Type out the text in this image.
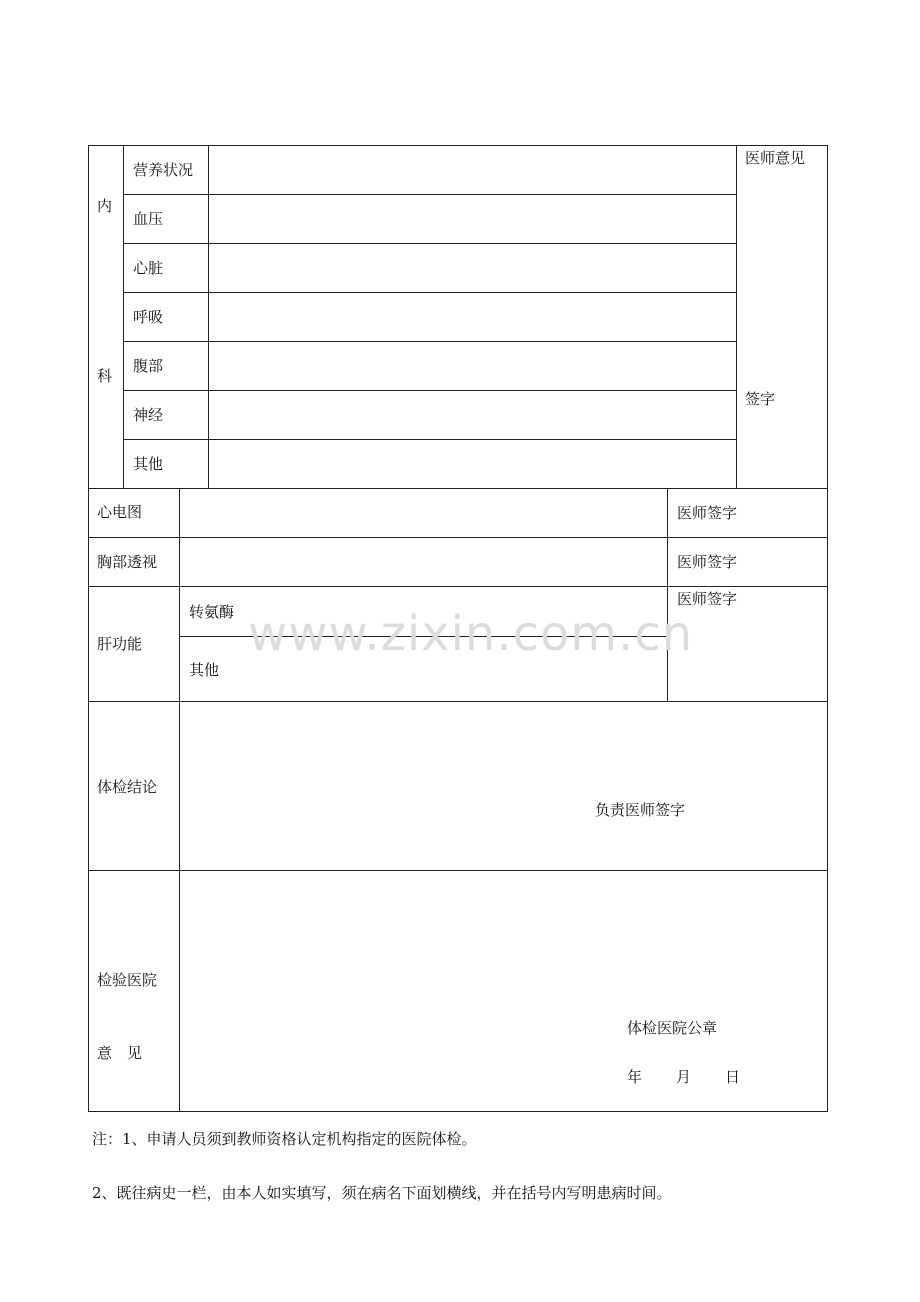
内
科
营养状况
血压
心脏
呼吸
腹部
神经
其他
医师意见
签字
心电图	医师签字
胸部透视	医师签字
肝功能
转氨酶
其他
医师签字
体检结论
负责医师签字
检验医院
意　见
体检医院公章
年 月 日
注：1、申请人员须到教师资格认定机构指定的医院体检。
2、既往病史一栏，由本人如实填写，须在病名下面划横线，并在括号内写明患病时间。
www.zixin.com.cn
